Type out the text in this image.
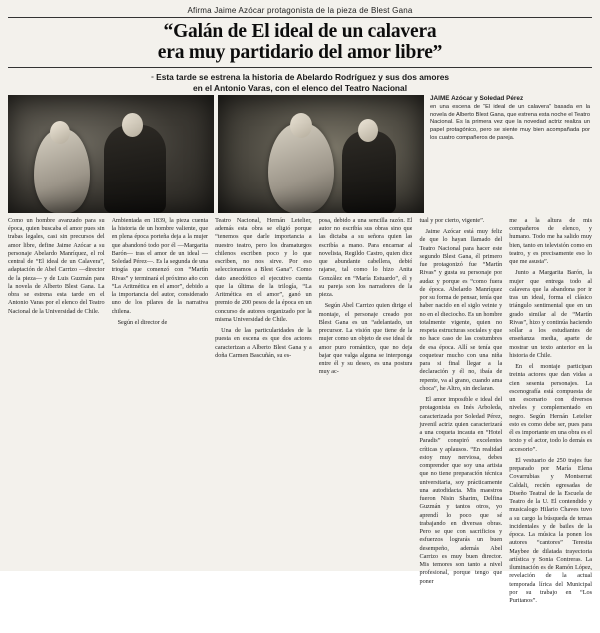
Afirma Jaime Azócar protagonista de la pieza de Blest Gana
“Galán de El ideal de un calavera
era muy partidario del amor libre”
◦ Esta tarde se estrena la historia de Abelardo Rodríguez y sus dos amores
en el Antonio Varas, con el elenco del Teatro Nacional
JAIME Azócar y Soledad Pérez
en una escena de “El ideal de un calavera” basada en la novela de Alberto Blest Gana, que estrena esta noche el Teatro Nacional. Es la primera vez que la novedad actriz realiza un papel protagónico, pero se siente muy bien acompañada por los cuatro compañeros de pareja.

Como un hombre avanzado para su época, quien buscaba el amor pues sin trabas legales, casi sin precursos del amor libre, define Jaime Azócar a su personaje Abelardo Manríquez, el rol central de “El ideal de un Calavera”, adaptación de Abel Carrizo —director de la pieza— y de Luis Guzmán para la novela de Alberto Blest Gana. La obra se estrena esta tarde en el Antonio Varas por el elenco del Teatro Nacional de la Universidad de Chile.

Ambientada en 1839, la pieza cuenta la historia de un hombre valiente, que en plena época porteña deja a la mujer que abandonó todo por él —Margarita Barón— tras el amor de un ideal —Soledad Pérez—. Es la segunda de una triogía que comenzó con “Martín Rivas” y terminará el próximo año con “La Aritmética en el amor”, debido a la importancia del autor, considerado uno de los pilares de la narrativa chilena.

Según el director de

Teatro Nacional, Hernán Letelier, además esta obra se eligió porque “tenemos que darle importancia a nuestro teatro, pero los dramaturgos chilenos escriben poco y lo que escriben, no nos sirve. Por eso seleccionamos a Blest Gana”. Como dato anecdótico el ejecutivo cuenta que la última de la trilogía, “La Aritmética en el amor”, ganó un premio de 200 pesos de la época en un concurso de autores organizado por la misma Universidad de Chile.

Una de las particularidades de la puesta en escena es que dos actores caracterizan a Alberto Blest Gana y a doña Carmen Bascuñán, su es-

posa, debido a una sencilla razón. El autor no escribía sus obras sino que las dictaba a su señora quien las escribía a mano. Para encarnar al novelista, Regildo Castro, quien dice que abundante cabellera, debió rajarse, tal como lo hizo Anita González en “María Estuardo”, él y su pareja son los narradores de la pieza.

Según Abel Carrizo quien dirige el montaje, el personaje creado por Blest Gana es un “adelantado, un precursor. La visión que tiene de la mujer como un objeto de ese ideal de amor puro romántico, que no deja bajar que valga alguna se interponga entre él y su deseo, es una postura muy ac-

tual y por cierto, vigente”.

Jaime Azócar está muy feliz de que lo hayan llamado del Teatro Nacional para hacer este segundo Blest Gana, él primero fue protagonizó fue “Martín Rivas” y gusta su personaje por audaz y porque es “como fuera de época. Abelardo Manríquez por su forma de pensar, tenía que haber nacido en el siglo veinte y no en el dieciocho. Es un hombre totalmente vigente, quien no respeta estructuras sociales y que no hace caso de las costumbres de esa época. Allí se tenía que coquetear mucho con una niña para si final llegar a la declaración y él no, ibaía de repente, va al grano, cuando ama choca”, he Altro, sin declaran.

El amor imposible e ideal del protagonista es Inés Arboleda, caracterizada por Soledad Pérez, juvenil actriz quien caracterizará a una coqueta incauta en “Hotel Paradis” conspiró excelentes críticas y aplausos. “En realidad estoy muy nerviosa, debes comprender que soy una artista que no tiene preparación técnica universitaria, soy prácticamente una autodidacta. Mis maestros fueron Nisin Sharim, Delfina Guzmán y tantos otros, yo aprendí lo poco que sé trabajando en diversas obras. Pero se que con sacrificios y esfuerzos lograrás un buen desempeño, además Abel Carrizo es muy buen director. Mis temores son tanto a nivel profesional, porque tengo que poner

me a la altura de mis compañeros de elenco, y humano. Todo me ha salido muy bien, tanto en televisión como en teatro, y es precisamente eso lo que me asusta”.

Junto a Margarita Barón, la mujer que entrega todo al calavera que la abandona por ir tras un ideal, forma el clásico triángulo sentimental que en un grado similar al de “Martín Rivas”, hizo y continúa haciendo sollar a los estudiantes de enseñanza media, aparte de mostrar un texto anterior en la historia de Chile.

En el montaje participan treinta actores que dan vidas a cien sesenta personajes. La escenografía está compuesta de un escenario con diversos niveles y complementado en negro. Según Hernán Letelier esto es como debe ser, pues para él es importante en una obra es el texto y el actor, todo lo demás es accesorio”.

El vestuario de 250 trajes fue preparado por María Elena Covarrubias y Montserrat Caldali, recién egresadas de Diseño Teatral de la Escuela de Teatro de la U. El contendido y musicalogo Hilario Chaves tuvo a su cargo la búsqueda de temas incidentales y de bailes de la época. La música la ponen los autores “cantores” Teresita Maybee de dilatada trayectoria artística y Sonia Contreras. La iluminación es de Ramón López, revelación de la actual temporada lírica del Municipal por su trabajo en “Los Puritanos”.
